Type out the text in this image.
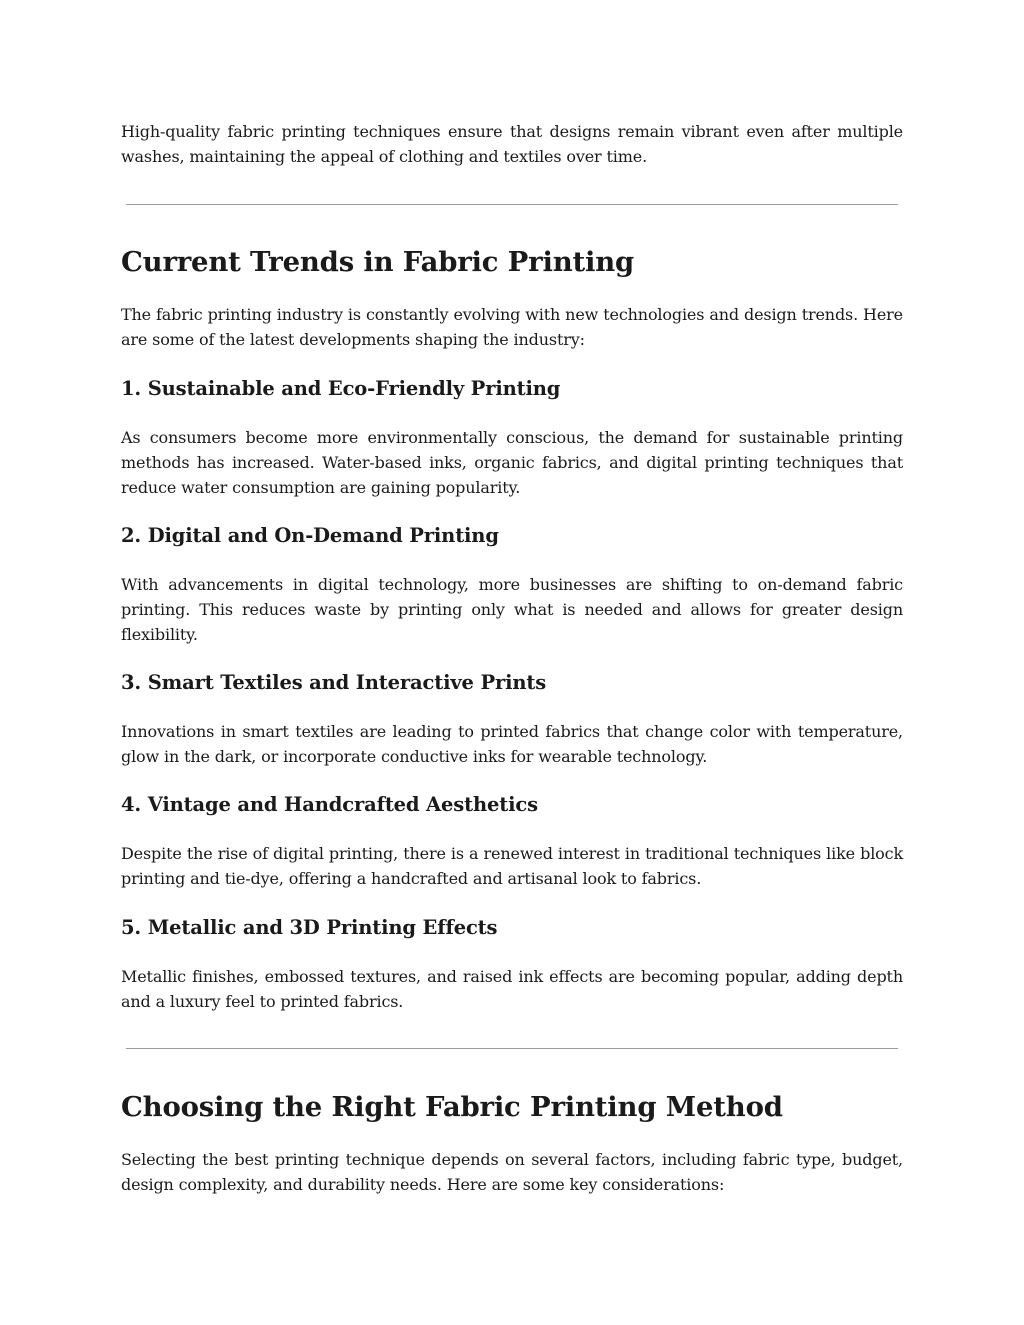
High-quality fabric printing techniques ensure that designs remain vibrant even after multiple washes, maintaining the appeal of clothing and textiles over time.

Current Trends in Fabric Printing

The fabric printing industry is constantly evolving with new technologies and design trends. Here are some of the latest developments shaping the industry:

1. Sustainable and Eco-Friendly Printing

As consumers become more environmentally conscious, the demand for sustainable printing methods has increased. Water-based inks, organic fabrics, and digital printing techniques that reduce water consumption are gaining popularity.

2. Digital and On-Demand Printing

With advancements in digital technology, more businesses are shifting to on-demand fabric printing. This reduces waste by printing only what is needed and allows for greater design flexibility.

3. Smart Textiles and Interactive Prints

Innovations in smart textiles are leading to printed fabrics that change color with temperature, glow in the dark, or incorporate conductive inks for wearable technology.

4. Vintage and Handcrafted Aesthetics

Despite the rise of digital printing, there is a renewed interest in traditional techniques like block printing and tie-dye, offering a handcrafted and artisanal look to fabrics.

5. Metallic and 3D Printing Effects

Metallic finishes, embossed textures, and raised ink effects are becoming popular, adding depth and a luxury feel to printed fabrics.

Choosing the Right Fabric Printing Method

Selecting the best printing technique depends on several factors, including fabric type, budget, design complexity, and durability needs. Here are some key considerations:
